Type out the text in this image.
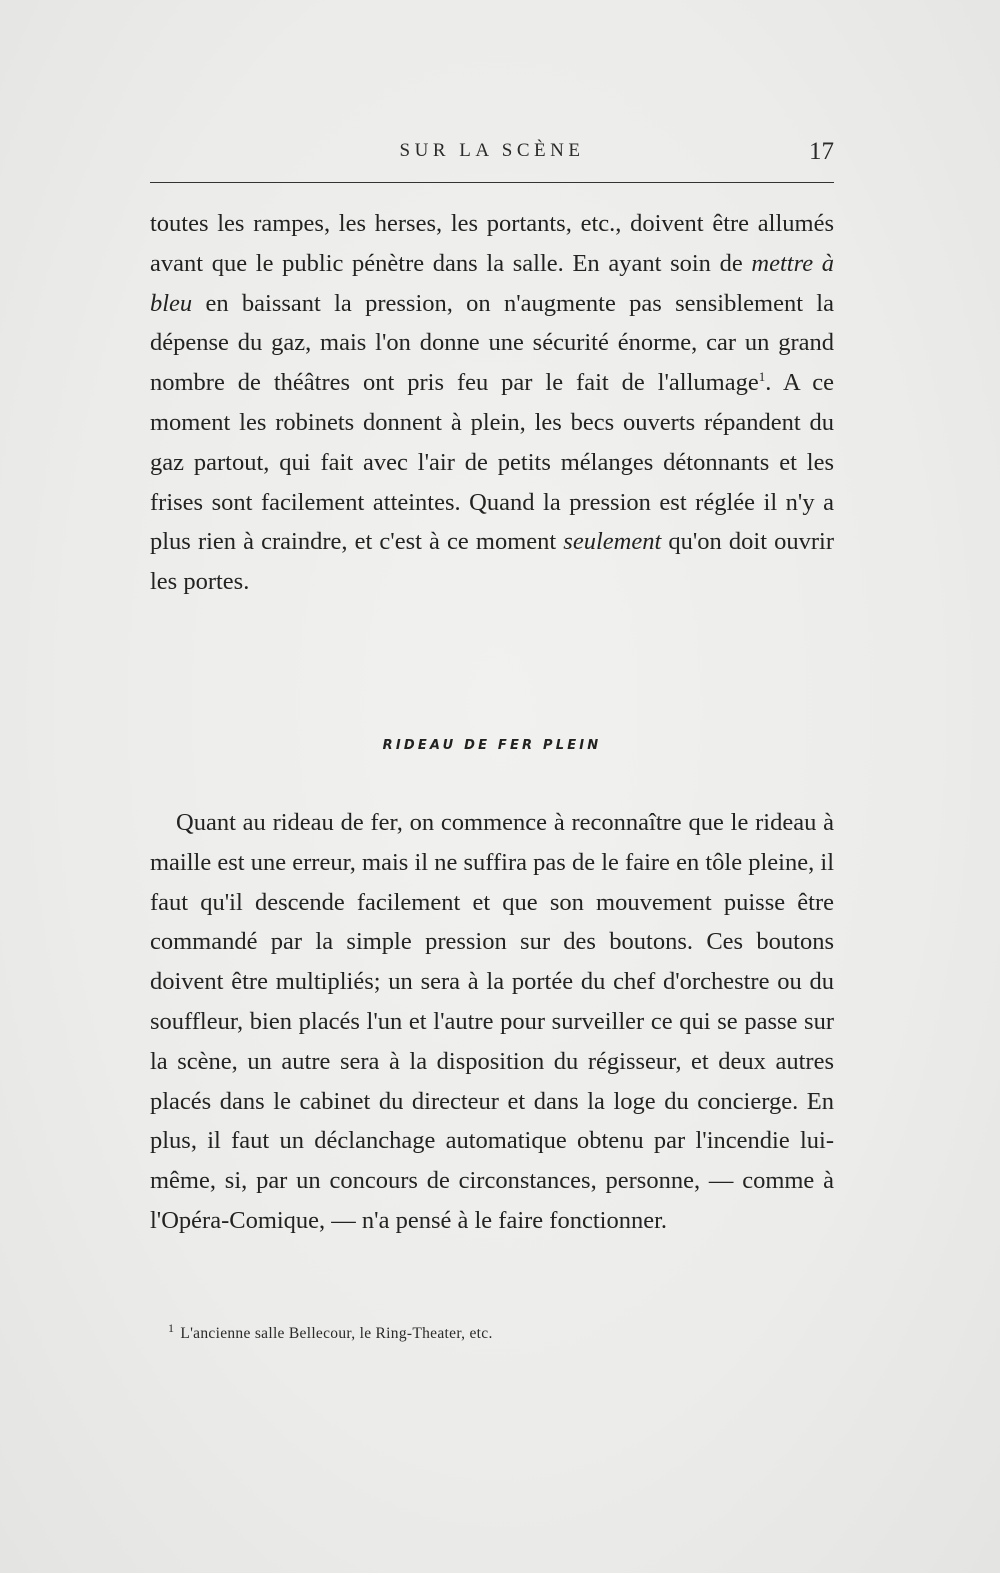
SUR LA SCÈNE	17

toutes les rampes, les herses, les portants, etc., doivent être allumés avant que le public pénètre dans la salle. En ayant soin de mettre à bleu en baissant la pression, on n'augmente pas sensiblement la dépense du gaz, mais l'on donne une sécurité énorme, car un grand nombre de théâtres ont pris feu par le fait de l'allumage$^1$. A ce moment les robinets donnent à plein, les becs ouverts répandent du gaz partout, qui fait avec l'air de petits mélanges détonnants et les frises sont facilement atteintes. Quand la pression est réglée il n'y a plus rien à craindre, et c'est à ce moment seulement qu'on doit ouvrir les portes.

RIDEAU DE FER PLEIN

Quant au rideau de fer, on commence à reconnaître que le rideau à maille est une erreur, mais il ne suffira pas de le faire en tôle pleine, il faut qu'il descende facilement et que son mouvement puisse être commandé par la simple pression sur des boutons. Ces boutons doivent être multipliés; un sera à la portée du chef d'orchestre ou du souffleur, bien placés l'un et l'autre pour surveiller ce qui se passe sur la scène, un autre sera à la disposition du régisseur, et deux autres placés dans le cabinet du directeur et dans la loge du concierge. En plus, il faut un déclanchage automatique obtenu par l'incendie lui-même, si, par un concours de circonstances, personne, — comme à l'Opéra-Comique, — n'a pensé à le faire fonctionner.

$^1$ L'ancienne salle Bellecour, le Ring-Theater, etc.
